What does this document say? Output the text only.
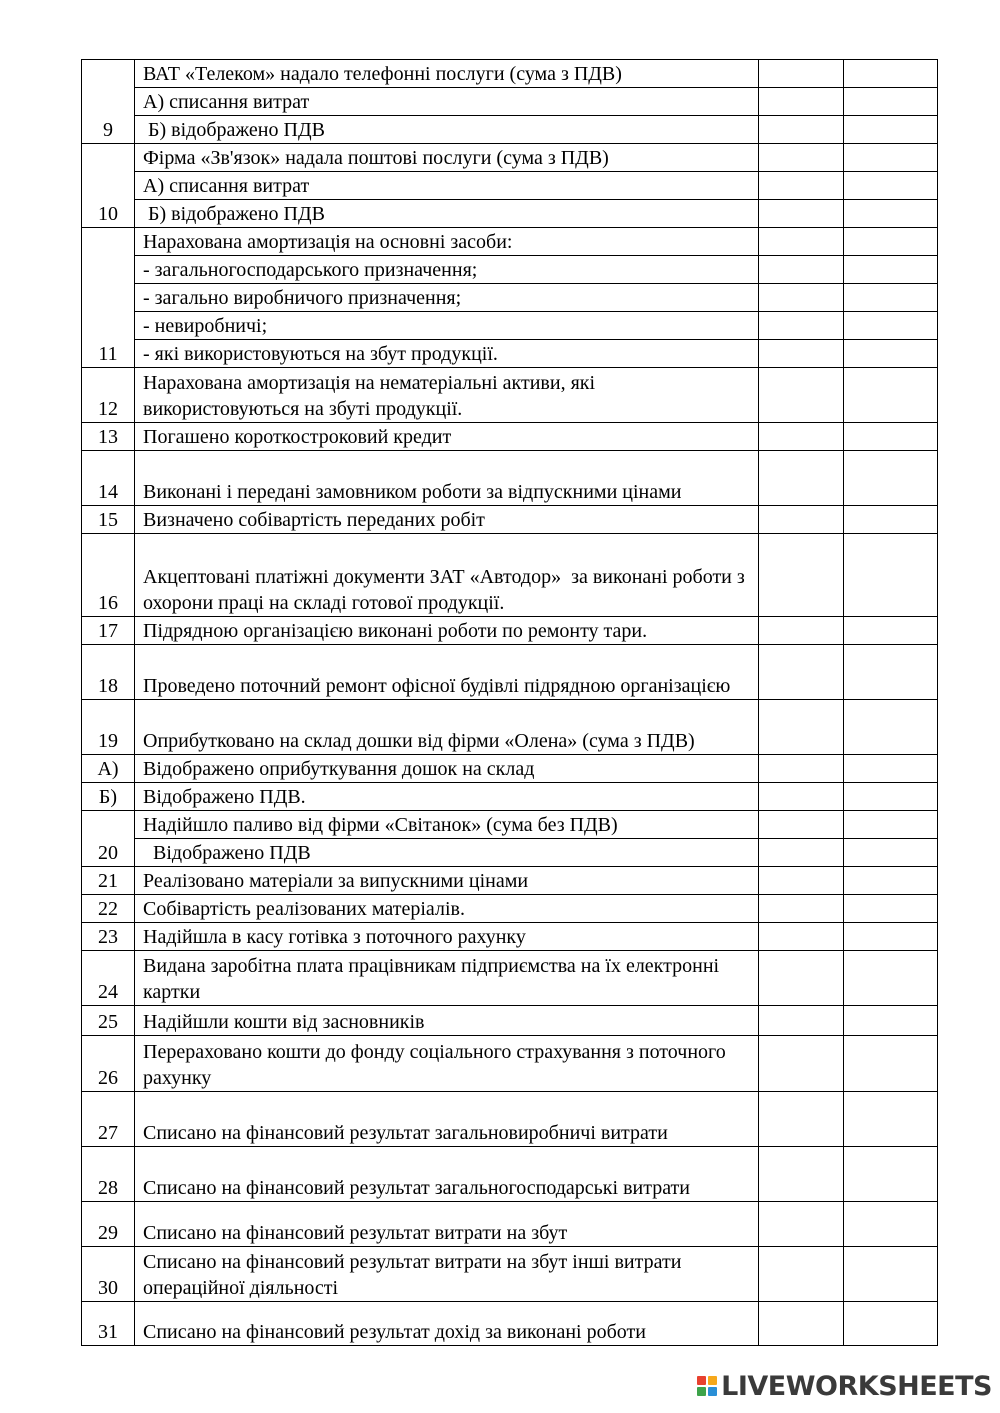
9	ВАТ «Телеком» надало телефонні послуги (сума з ПДВ)		
	А) списання витрат		
	Б) відображено ПДВ		
10	Фірма «Зв'язок» надала поштові послуги (сума з ПДВ)		
	А) списання витрат		
	Б) відображено ПДВ		
11	Нарахована амортизація на основні засоби:		
	- загальногосподарського призначення;		
	- загально виробничого призначення;		
	- невиробничі;		
	- які використовуються на збут продукції.		
12	Нарахована амортизація на нематеріальні активи, які використовуються на збуті продукції.		
13	Погашено короткостроковий кредит		
14	Виконані і передані замовником роботи за відпускними цінами		
15	Визначено собівартість переданих робіт		
16	Акцептовані платіжні документи ЗАТ «Автодор»  за виконані роботи з охорони праці на складі готової продукції.		
17	Підрядною організацією виконані роботи по ремонту тари.		
18	Проведено поточний ремонт офісної будівлі підрядною організацією		
19	Оприбутковано на склад дошки від фірми «Олена» (сума з ПДВ)		
А)	Відображено оприбуткування дошок на склад		
Б)	Відображено ПДВ.		
20	Надійшло паливо від фірми «Світанок» (сума без ПДВ)		
	Відображено ПДВ		
21	Реалізовано матеріали за випускними цінами		
22	Собівартість реалізованих матеріалів.		
23	Надійшла в касу готівка з поточного рахунку		
24	Видана заробітна плата працівникам підприємства на їх електронні картки		
25	Надійшли кошти від засновників		
26	Перераховано кошти до фонду соціального страхування з поточного рахунку		
27	Списано на фінансовий результат загальновиробничі витрати		
28	Списано на фінансовий результат загальногосподарські витрати		
29	Списано на фінансовий результат витрати на збут		
30	Списано на фінансовий результат витрати на збут інші витрати операційної діяльності		
31	Списано на фінансовий результат дохід за виконані роботи		
LIVEWORKSHEETS
